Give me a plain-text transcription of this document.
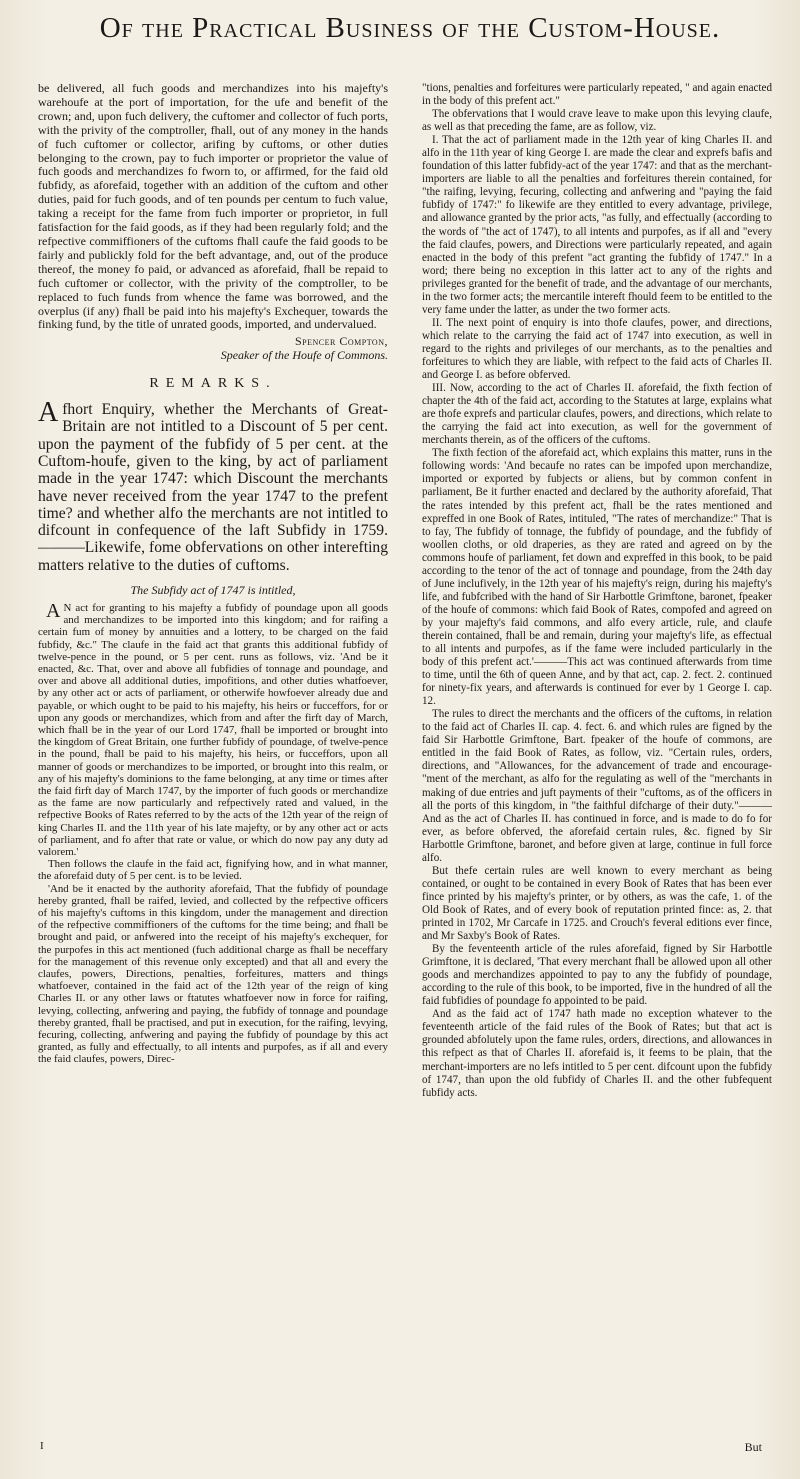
Of the Practical Business of the Custom-House.

be delivered, all fuch goods and merchandizes into his majefty's warehoufe at the port of importation, for the ufe and benefit of the crown; and, upon fuch delivery, the cuftomer and collector of fuch ports, with the privity of the comptroller, fhall, out of any money in the hands of fuch cuftomer or collector, arifing by cuftoms, or other duties belonging to the crown, pay to fuch importer or proprietor the value of fuch goods and merchandizes fo fworn to, or affirmed, for the faid old fubfidy, as aforefaid, together with an addition of the cuftom and other duties, paid for fuch goods, and of ten pounds per centum to fuch value, taking a receipt for the fame from fuch importer or proprietor, in full fatisfaction for the faid goods, as if they had been regularly fold; and the refpective commiffioners of the cuftoms fhall caufe the faid goods to be fairly and publickly fold for the beft advantage, and, out of the produce thereof, the money fo paid, or advanced as aforefaid, fhall be repaid to fuch cuftomer or collector, with the privity of the comptroller, to be replaced to fuch funds from whence the fame was borrowed, and the overplus (if any) fhall be paid into his majefty's Exchequer, towards the finking fund, by the title of unrated goods, imported, and undervalued.

Spencer Compton,

Speaker of the Houfe of Commons.

REMARKS.
A fhort Enquiry, whether the Merchants of Great-Britain are not intitled to a Discount of 5 per cent. upon the payment of the fubfidy of 5 per cent. at the Cuftom-houfe, given to the king, by act of parliament made in the year 1747: which Discount the merchants have never received from the year 1747 to the prefent time? and whether alfo the merchants are not intitled to difcount in confequence of the laft Subfidy in 1759.———Likewife, fome obfervations on other interefting matters relative to the duties of cuftoms.
The Subfidy act of 1747 is intitled,

A N act for granting to his majefty a fubfidy of poundage upon all goods and merchandizes to be imported into this kingdom; and for raifing a certain fum of money by annuities and a lottery, to be charged on the faid fubfidy, &c." The claufe in the faid act that grants this additional fubfidy of twelve-pence in the pound, or 5 per cent. runs as follows, viz. 'And be it enacted, &c. That, over and above all fubfidies of tonnage and poundage, and over and above all additional duties, impofitions, and other duties whatfoever, by any other act or acts of parliament, or otherwife howfoever already due and payable, or which ought to be paid to his majefty, his heirs or fucceffors, for or upon any goods or merchandizes, which from and after the firft day of March, which fhall be in the year of our Lord 1747, fhall be imported or brought into the kingdom of Great Britain, one further fubfidy of poundage, of twelve-pence in the pound, fhall be paid to his majefty, his heirs, or fucceffors, upon all manner of goods or merchandizes to be imported, or brought into this realm, or any of his majefty's dominions to the fame belonging, at any time or times after the faid firft day of March 1747, by the importer of fuch goods or merchandize as the fame are now particularly and refpectively rated and valued, in the refpective Books of Rates referred to by the acts of the 12th year of the reign of king Charles II. and the 11th year of his late majefty, or by any other act or acts of parliament, and fo after that rate or value, or which do now pay any duty ad valorem.'

Then follows the claufe in the faid act, fignifying how, and in what manner, the aforefaid duty of 5 per cent. is to be levied.

'And be it enacted by the authority aforefaid, That the fubfidy of poundage hereby granted, fhall be raifed, levied, and collected by the refpective officers of his majefty's cuftoms in this kingdom, under the management and direction of the refpective commiffioners of the cuftoms for the time being; and fhall be brought and paid, or anfwered into the receipt of his majefty's exchequer, for the purpofes in this act mentioned (fuch additional charge as fhall be neceffary for the management of this revenue only excepted) and that all and every the claufes, powers, Directions, penalties, forfeitures, matters and things whatfoever, contained in the faid act of the 12th year of the reign of king Charles II. or any other laws or ftatutes whatfoever now in force for raifing, levying, collecting, anfwering and paying, the fubfidy of tonnage and poundage thereby granted, fhall be practised, and put in execution, for the raifing, levying, fecuring, collecting, anfwering and paying the fubfidy of poundage by this act granted, as fully and effectually, to all intents and purpofes, as if all and every the faid claufes, powers, Direc-

"tions, penalties and forfeitures were particularly repeated, " and again enacted in the body of this prefent act."

The obfervations that I would crave leave to make upon this levying claufe, as well as that preceding the fame, are as follow, viz.

I. That the act of parliament made in the 12th year of king Charles II. and alfo in the 11th year of king George I. are made the clear and exprefs bafis and foundation of this latter fubfidy-act of the year 1747: and that as the merchant-importers are liable to all the penalties and forfeitures therein contained, for "the raifing, levying, fecuring, collecting and anfwering and "paying the faid fubfidy of 1747:" fo likewife are they entitled to every advantage, privilege, and allowance granted by the prior acts, "as fully, and effectually (according to the words of "the act of 1747), to all intents and purpofes, as if all and "every the faid claufes, powers, and Directions were particularly repeated, and again enacted in the body of this prefent "act granting the fubfidy of 1747." In a word; there being no exception in this latter act to any of the rights and privileges granted for the benefit of trade, and the advantage of our merchants, in the two former acts; the mercantile intereft fhould feem to be entitled to the very fame under the latter, as under the two former acts.

II. The next point of enquiry is into thofe claufes, power, and directions, which relate to the carrying the faid act of 1747 into execution, as well in regard to the rights and privileges of our merchants, as to the penalties and forfeitures to which they are liable, with refpect to the faid acts of Charles II. and George I. as before obferved.

III. Now, according to the act of Charles II. aforefaid, the fixth fection of chapter the 4th of the faid act, according to the Statutes at large, explains what are thofe exprefs and particular claufes, powers, and directions, which relate to the carrying the faid act into execution, as well for the government of merchants therein, as of the officers of the cuftoms.

The fixth fection of the aforefaid act, which explains this matter, runs in the following words: 'And becaufe no rates can be impofed upon merchandize, imported or exported by fubjects or aliens, but by common confent in parliament, Be it further enacted and declared by the authority aforefaid, That the rates intended by this prefent act, fhall be the rates mentioned and expreffed in one Book of Rates, intituled, "The rates of merchandize:" That is to fay, The fubfidy of tonnage, the fubfidy of poundage, and the fubfidy of woollen cloths, or old draperies, as they are rated and agreed on by the commons houfe of parliament, fet down and expreffed in this book, to be paid according to the tenor of the act of tonnage and poundage, from the 24th day of June inclufively, in the 12th year of his majefty's reign, during his majefty's life, and fubfcribed with the hand of Sir Harbottle Grimftone, baronet, fpeaker of the houfe of commons: which faid Book of Rates, compofed and agreed on by your majefty's faid commons, and alfo every article, rule, and claufe therein contained, fhall be and remain, during your majefty's life, as effectual to all intents and purpofes, as if the fame were included particularly in the body of this prefent act.'———This act was continued afterwards from time to time, until the 6th of queen Anne, and by that act, cap. 2. fect. 2. continued for ninety-fix years, and afterwards is continued for ever by 1 George I. cap. 12.

The rules to direct the merchants and the officers of the cuftoms, in relation to the faid act of Charles II. cap. 4. fect. 6. and which rules are figned by the faid Sir Harbottle Grimftone, Bart. fpeaker of the houfe of commons, are entitled in the faid Book of Rates, as follow, viz. "Certain rules, orders, directions, and "Allowances, for the advancement of trade and encourage-"ment of the merchant, as alfo for the regulating as well of the "merchants in making of due entries and juft payments of their "cuftoms, as of the officers in all the ports of this kingdom, in "the faithful difcharge of their duty."———And as the act of Charles II. has continued in force, and is made to do fo for ever, as before obferved, the aforefaid certain rules, &c. figned by Sir Harbottle Grimftone, baronet, and before given at large, continue in full force alfo.

But thefe certain rules are well known to every merchant as being contained, or ought to be contained in every Book of Rates that has been ever fince printed by his majefty's printer, or by others, as was the cafe, 1. of the Old Book of Rates, and of every book of reputation printed fince: as, 2. that printed in 1702, Mr Carcafe in 1725. and Crouch's feveral editions ever fince, and Mr Saxby's Book of Rates.

By the feventeenth article of the rules aforefaid, figned by Sir Harbottle Grimftone, it is declared, 'That every merchant fhall be allowed upon all other goods and merchandizes appointed to pay to any the fubfidy of poundage, according to the rule of this book, to be imported, five in the hundred of all the faid fubfidies of poundage fo appointed to be paid.

And as the faid act of 1747 hath made no exception whatever to the feventeenth article of the faid rules of the Book of Rates; but that act is grounded abfolutely upon the fame rules, orders, directions, and allowances in this refpect as that of Charles II. aforefaid is, it feems to be plain, that the merchant-importers are no lefs intitled to 5 per cent. difcount upon the fubfidy of 1747, than upon the old fubfidy of Charles II. and the other fubfequent fubfidy acts.

I	But
